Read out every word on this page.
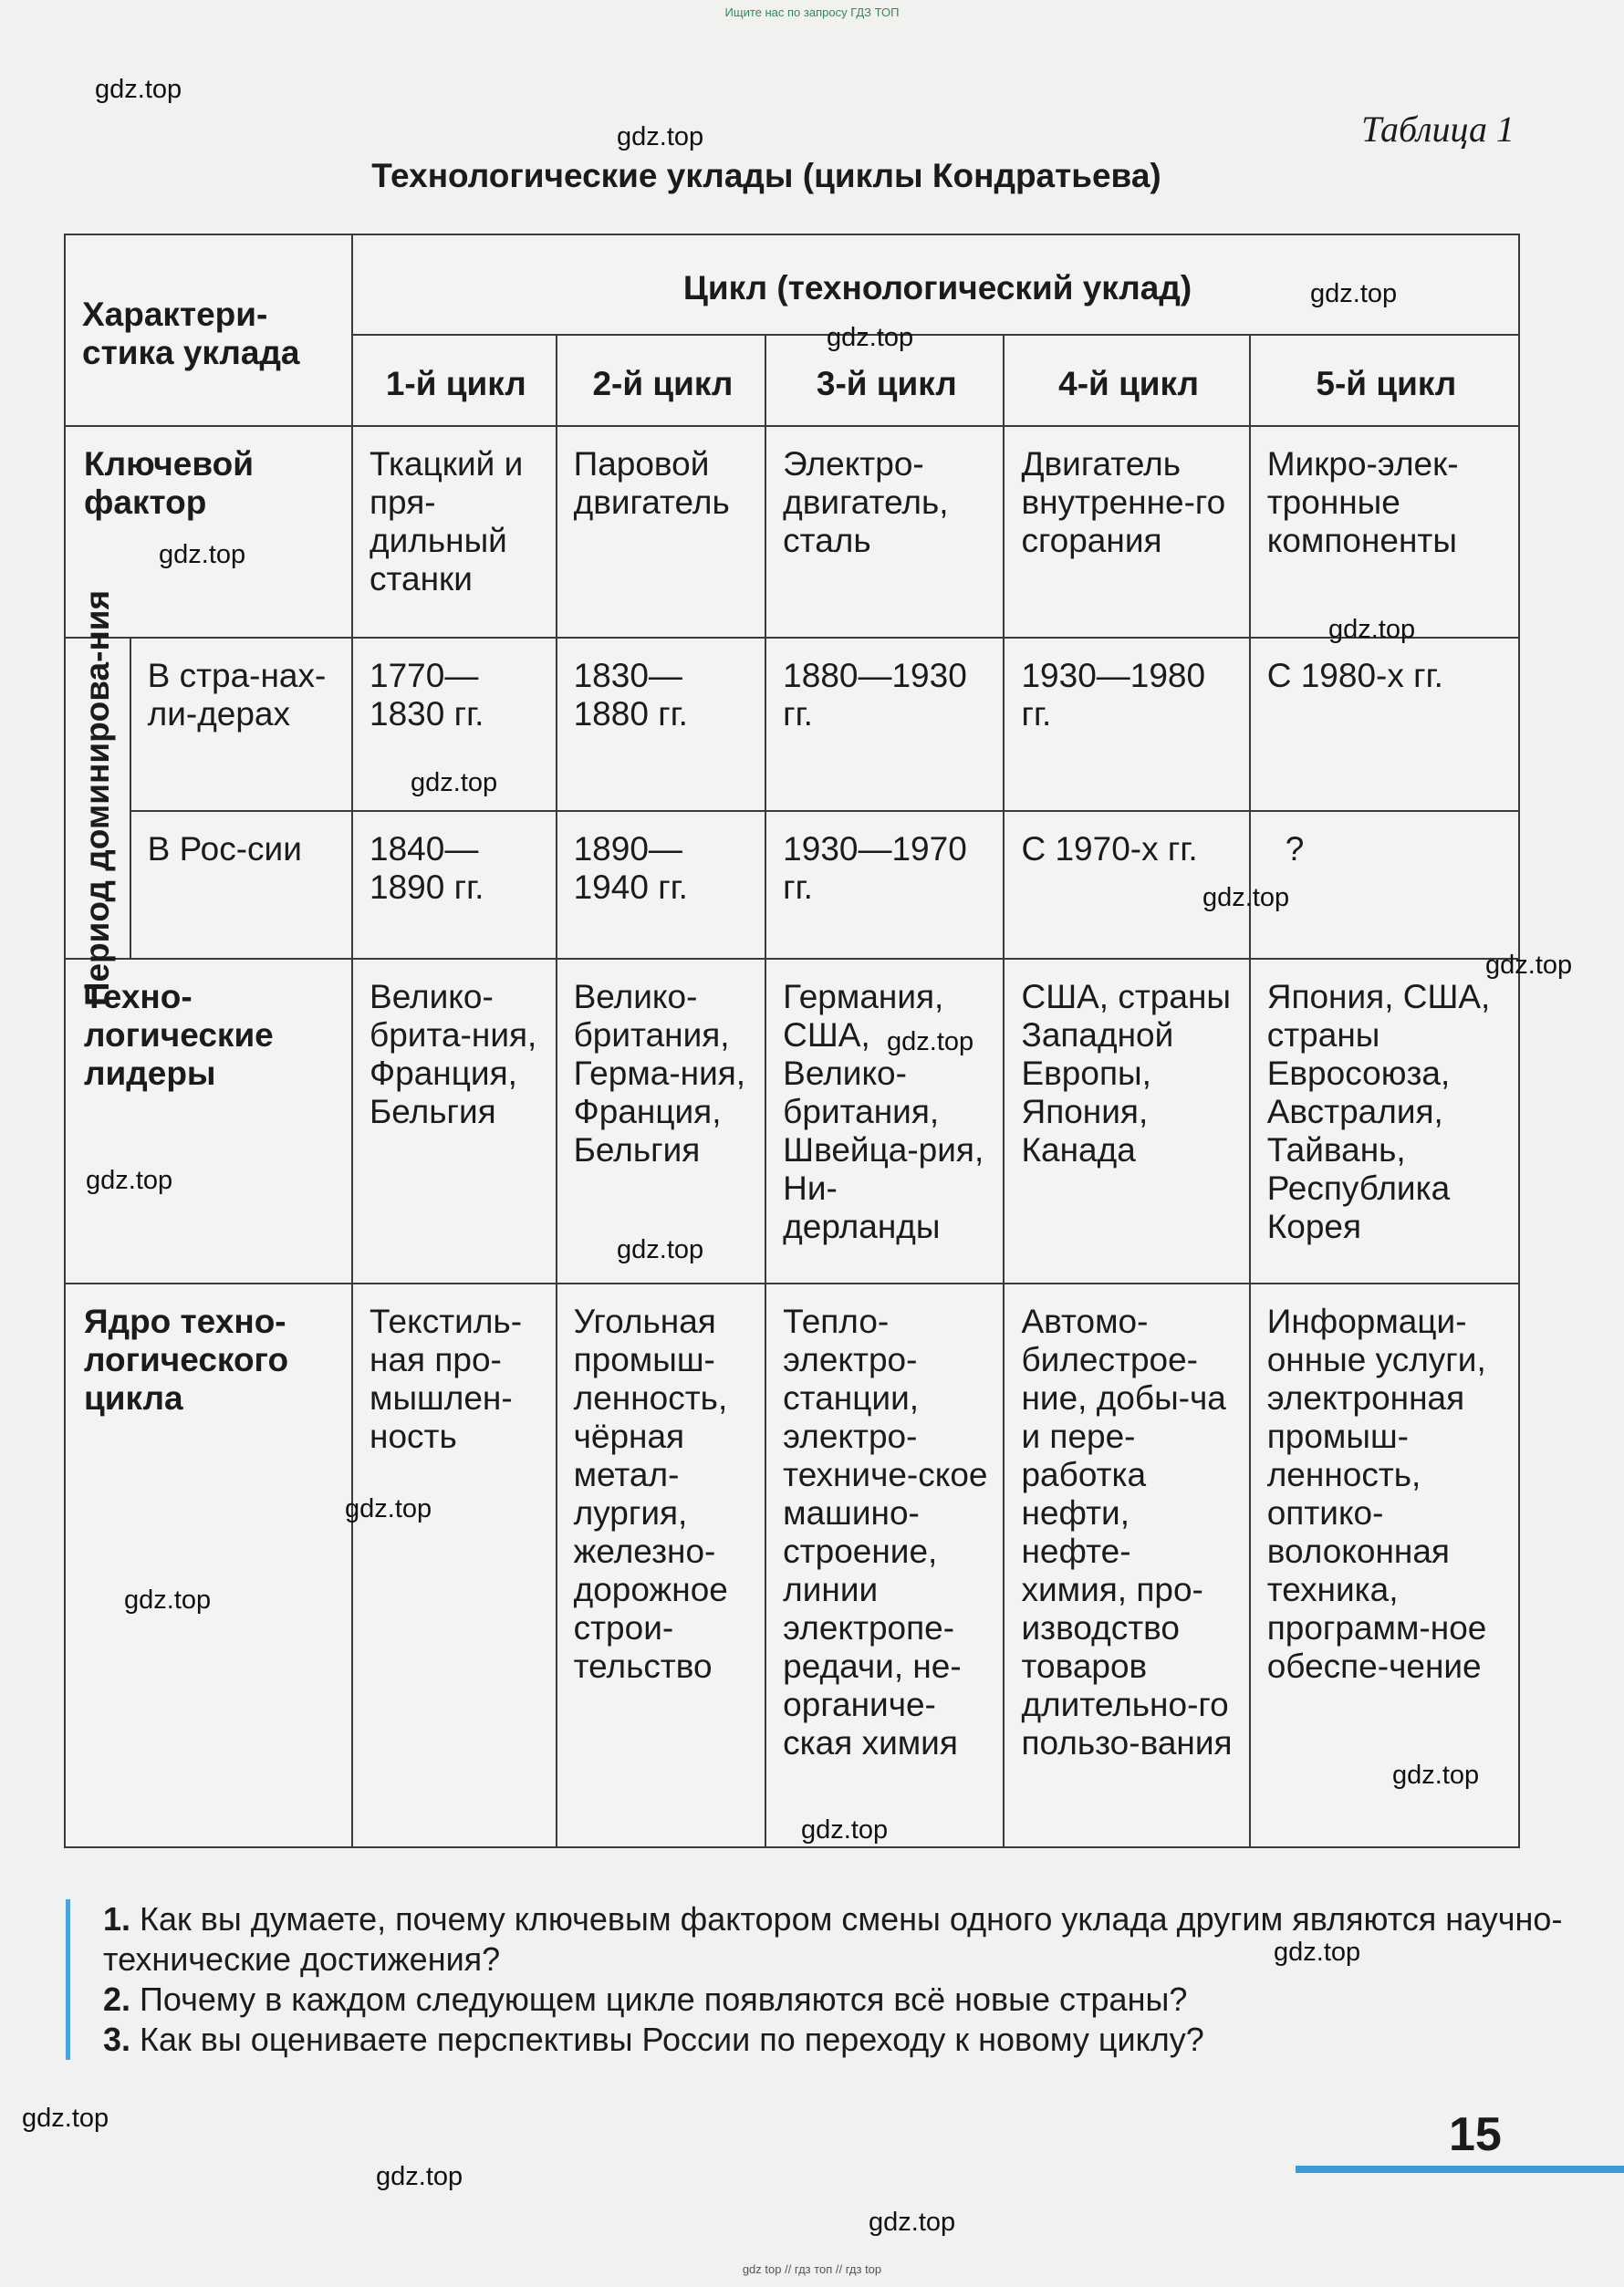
Ищите нас по запросу ГДЗ ТОП
Таблица 1
Технологические уклады (циклы Кондратьева)
Характери-стика уклада		Цикл (технологический уклад)				
		1-й цикл	2-й цикл	3-й цикл	4-й цикл	5-й цикл
Ключевой фактор		Ткацкий и пря-дильный станки	Паровой двигатель	Электро-двигатель, сталь	Двигатель внутренне-го сгорания	Микро-элек-тронные компоненты

Период доминирова-ния	В стра-нах-ли-дерах	1770—1830 гг.	1830—1880 гг.	1880—1930 гг.	1930—1980 гг.	С 1980-х гг.
	В Рос-сии	1840—1890 гг.	1890—1940 гг.	1930—1970 гг.	С 1970-х гг.	?
Техно-логические лидеры		Велико-брита-ния, Франция, Бельгия	Велико-британия, Герма-ния, Франция, Бельгия	Германия, США, Велико-британия, Швейца-рия, Ни-дерланды	США, страны Западной Европы, Япония, Канада	Япония, США, страны Евросоюза, Австралия, Тайвань, Республика Корея
Ядро техно-логического цикла		Текстиль-ная про-мышлен-ность	Угольная промыш-ленность, чёрная метал-лургия, железно-дорожное строи-тельство	Тепло-электро-станции, электро-техниче-ское машино-строение, линии электропе-редачи, не-органиче-ская химия	Автомо-билестрое-ние, добы-ча и пере-работка нефти, нефте-химия, про-изводство товаров длительно-го пользо-вания	Информаци-онные услуги, электронная промыш-ленность, оптико-волоконная техника, программ-ное обеспе-чение

1. Как вы думаете, почему ключевым фактором смены одного уклада другим являются научно-технические достижения?

2. Почему в каждом следующем цикле появляются всё новые страны?

3. Как вы оцениваете перспективы России по переходу к новому циклу?

15
gdz.top
gdz.top
gdz.top
gdz.top
gdz.top
gdz.top
gdz.top
gdz.top
gdz.top
gdz.top
gdz.top
gdz.top
gdz.top
gdz.top
gdz.top
gdz.top
gdz.top
gdz.top
gdz.top
gdz.top
gdz top // гдз топ // гдз top
